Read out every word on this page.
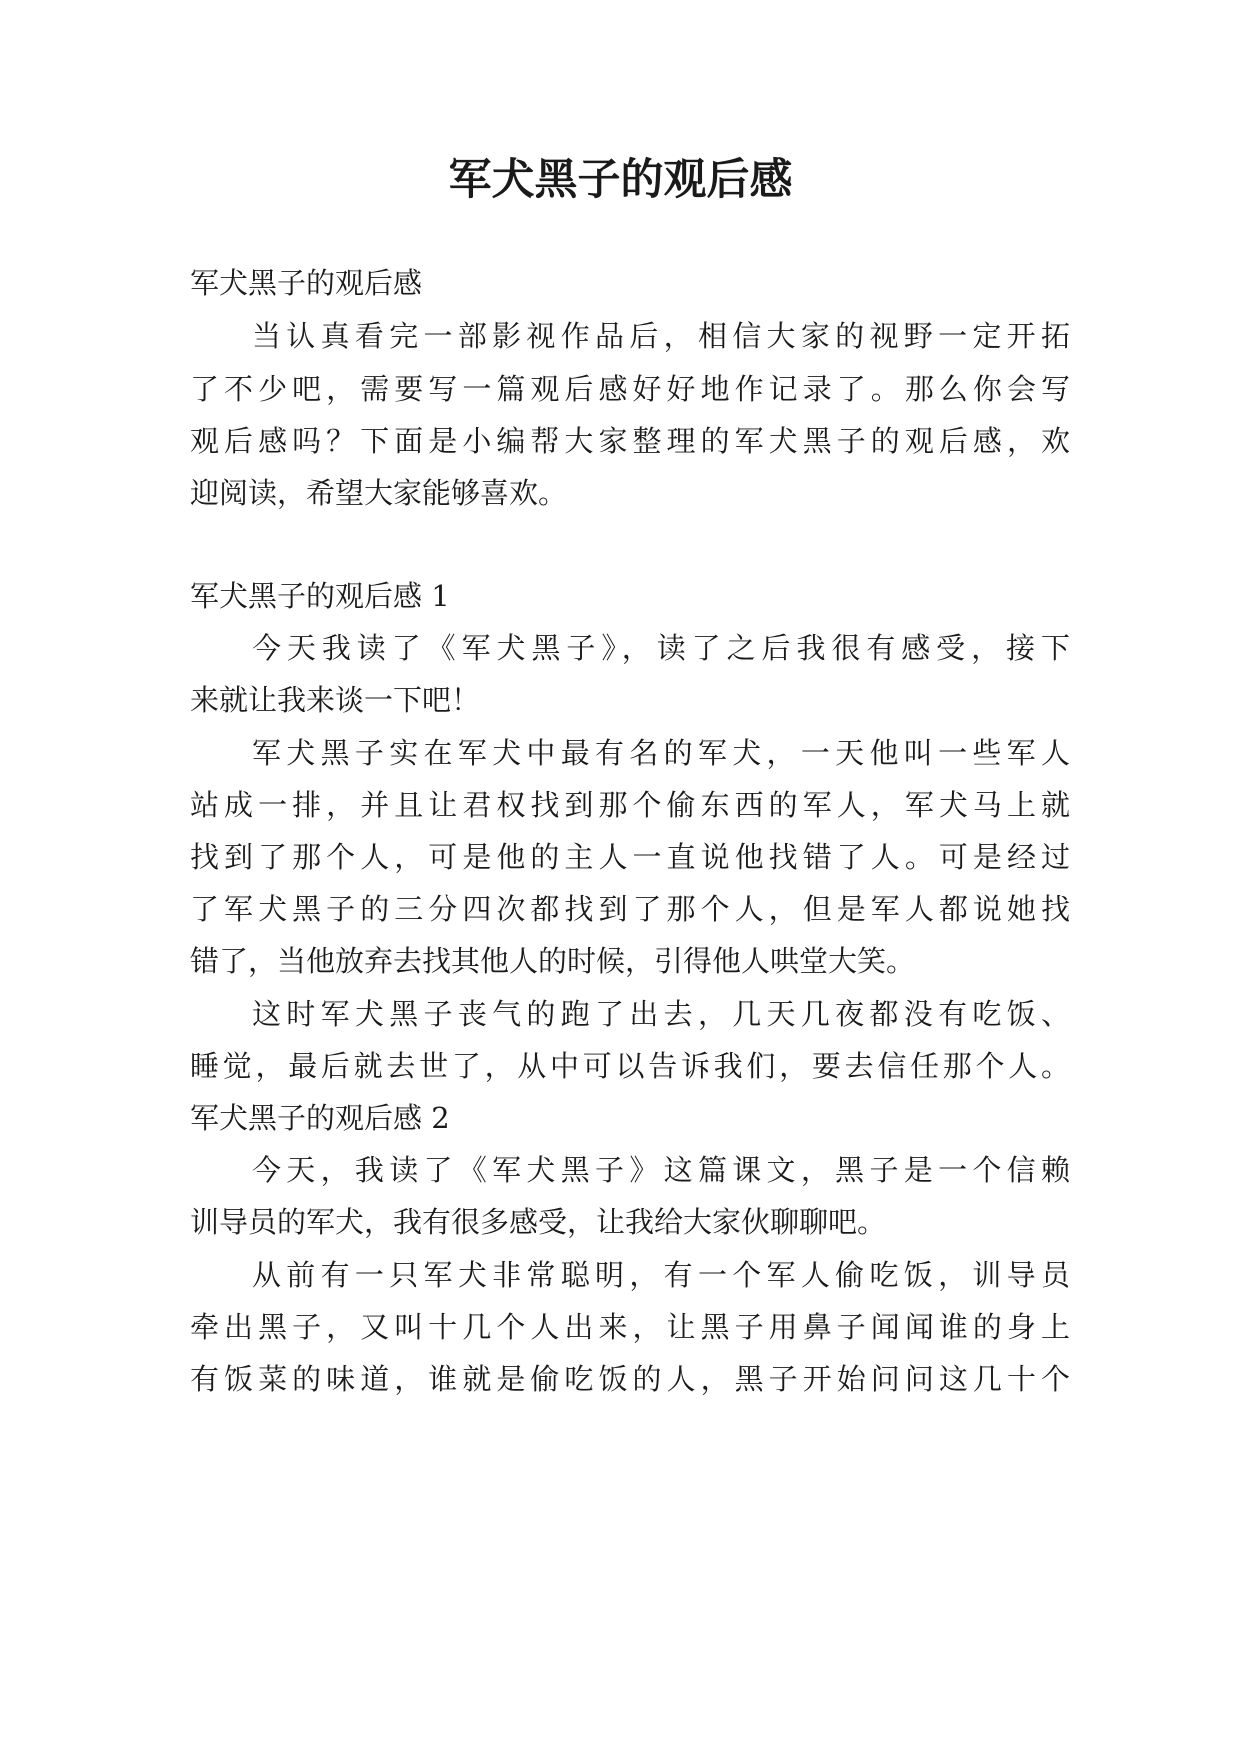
军犬黑子的观后感

军犬黑子的观后感

当认真看完一部影视作品后，相信大家的视野一定开拓

了不少吧，需要写一篇观后感好好地作记录了。那么你会写

观后感吗？下面是小编帮大家整理的军犬黑子的观后感，欢

迎阅读，希望大家能够喜欢。

军犬黑子的观后感 1

今天我读了《军犬黑子》，读了之后我很有感受，接下

来就让我来谈一下吧！

军犬黑子实在军犬中最有名的军犬，一天他叫一些军人

站成一排，并且让君权找到那个偷东西的军人，军犬马上就

找到了那个人，可是他的主人一直说他找错了人。可是经过

了军犬黑子的三分四次都找到了那个人，但是军人都说她找

错了，当他放弃去找其他人的时候，引得他人哄堂大笑。

这时军犬黑子丧气的跑了出去，几天几夜都没有吃饭、

睡觉，最后就去世了，从中可以告诉我们，要去信任那个人。

军犬黑子的观后感 2

今天，我读了《军犬黑子》这篇课文，黑子是一个信赖

训导员的军犬，我有很多感受，让我给大家伙聊聊吧。

从前有一只军犬非常聪明，有一个军人偷吃饭，训导员

牵出黑子，又叫十几个人出来，让黑子用鼻子闻闻谁的身上

有饭菜的味道，谁就是偷吃饭的人，黑子开始问问这几十个
